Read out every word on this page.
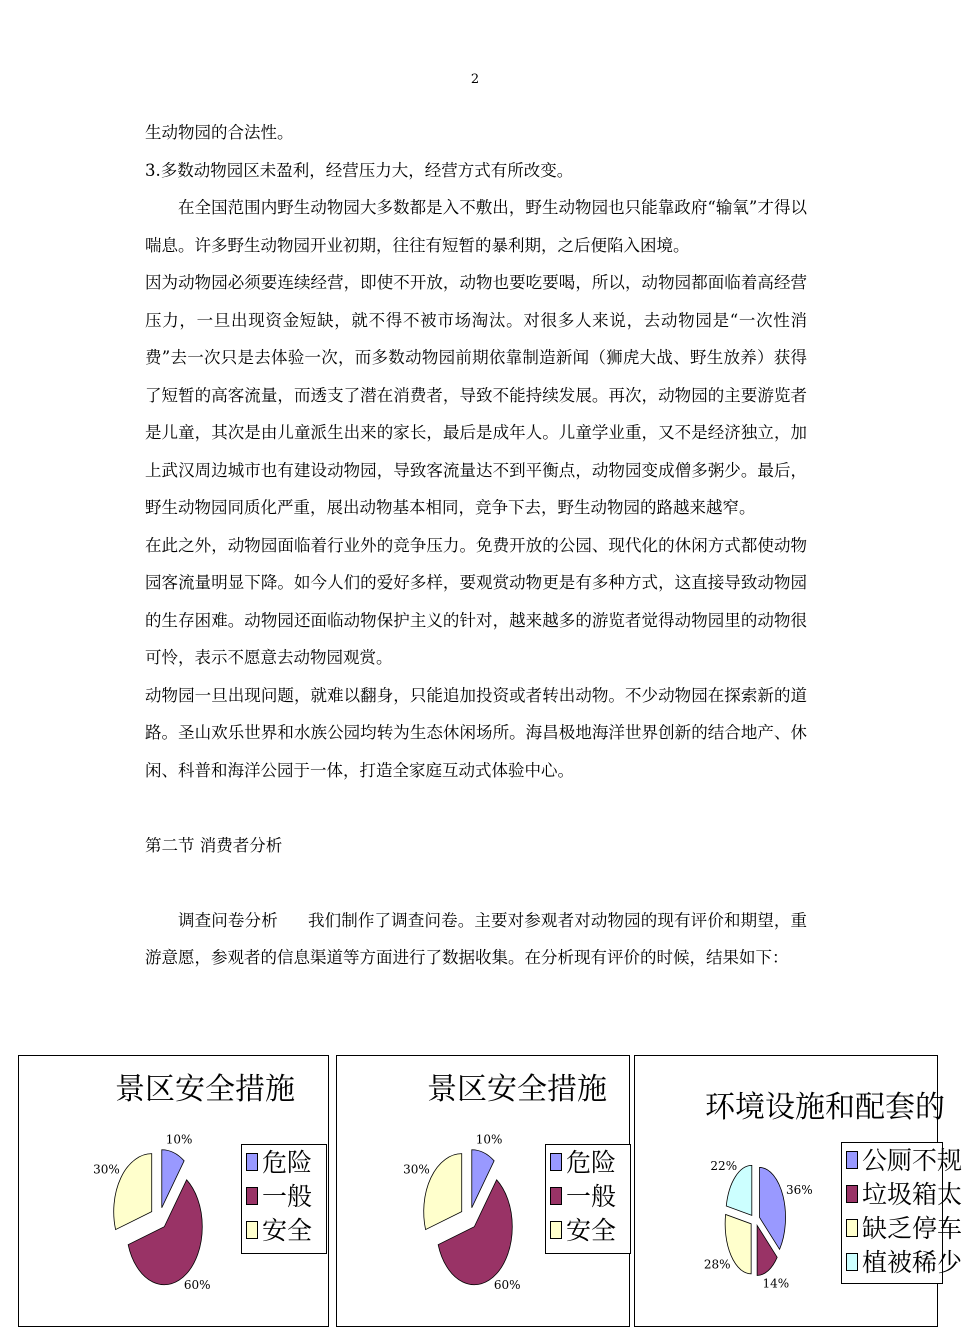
2

生动物园的合法性。

3.多数动物园区未盈利，经营压力大，经营方式有所改变。

在全国范围内野生动物园大多数都是入不敷出，野生动物园也只能靠政府“输氧”才得以喘息。许多野生动物园开业初期，往往有短暂的暴利期，之后便陷入困境。

因为动物园必须要连续经营，即使不开放，动物也要吃要喝，所以，动物园都面临着高经营压力，一旦出现资金短缺，就不得不被市场淘汰。对很多人来说，去动物园是“一次性消费”去一次只是去体验一次，而多数动物园前期依靠制造新闻（狮虎大战、野生放养）获得了短暂的高客流量，而透支了潜在消费者，导致不能持续发展。再次，动物园的主要游览者是儿童，其次是由儿童派生出来的家长，最后是成年人。儿童学业重，又不是经济独立，加上武汉周边城市也有建设动物园，导致客流量达不到平衡点，动物园变成僧多粥少。最后，野生动物园同质化严重，展出动物基本相同，竞争下去，野生动物园的路越来越窄。

在此之外，动物园面临着行业外的竞争压力。免费开放的公园、现代化的休闲方式都使动物园客流量明显下降。如今人们的爱好多样，要观赏动物更是有多种方式，这直接导致动物园的生存困难。动物园还面临动物保护主义的针对，越来越多的游览者觉得动物园里的动物很可怜，表示不愿意去动物园观赏。

动物园一旦出现问题，就难以翻身，只能追加投资或者转出动物。不少动物园在探索新的道路。圣山欢乐世界和水族公园均转为生态休闲场所。海昌极地海洋世界创新的结合地产、休闲、科普和海洋公园于一体，打造全家庭互动式体验中心。

第二节 消费者分析

调查问卷分析 我们制作了调查问卷。主要对参观者对动物园的现有评价和期望，重游意愿，参观者的信息渠道等方面进行了数据收集。在分析现有评价的时候，结果如下：

景区安全措施
10%
60%
30%	危险
一般
安全
景区安全措施
10%
60%
30%	危险
一般
安全
环境设施和配套的
36%
14%
28%
22%	公厕不规
垃圾箱太
缺乏停车
植被稀少
